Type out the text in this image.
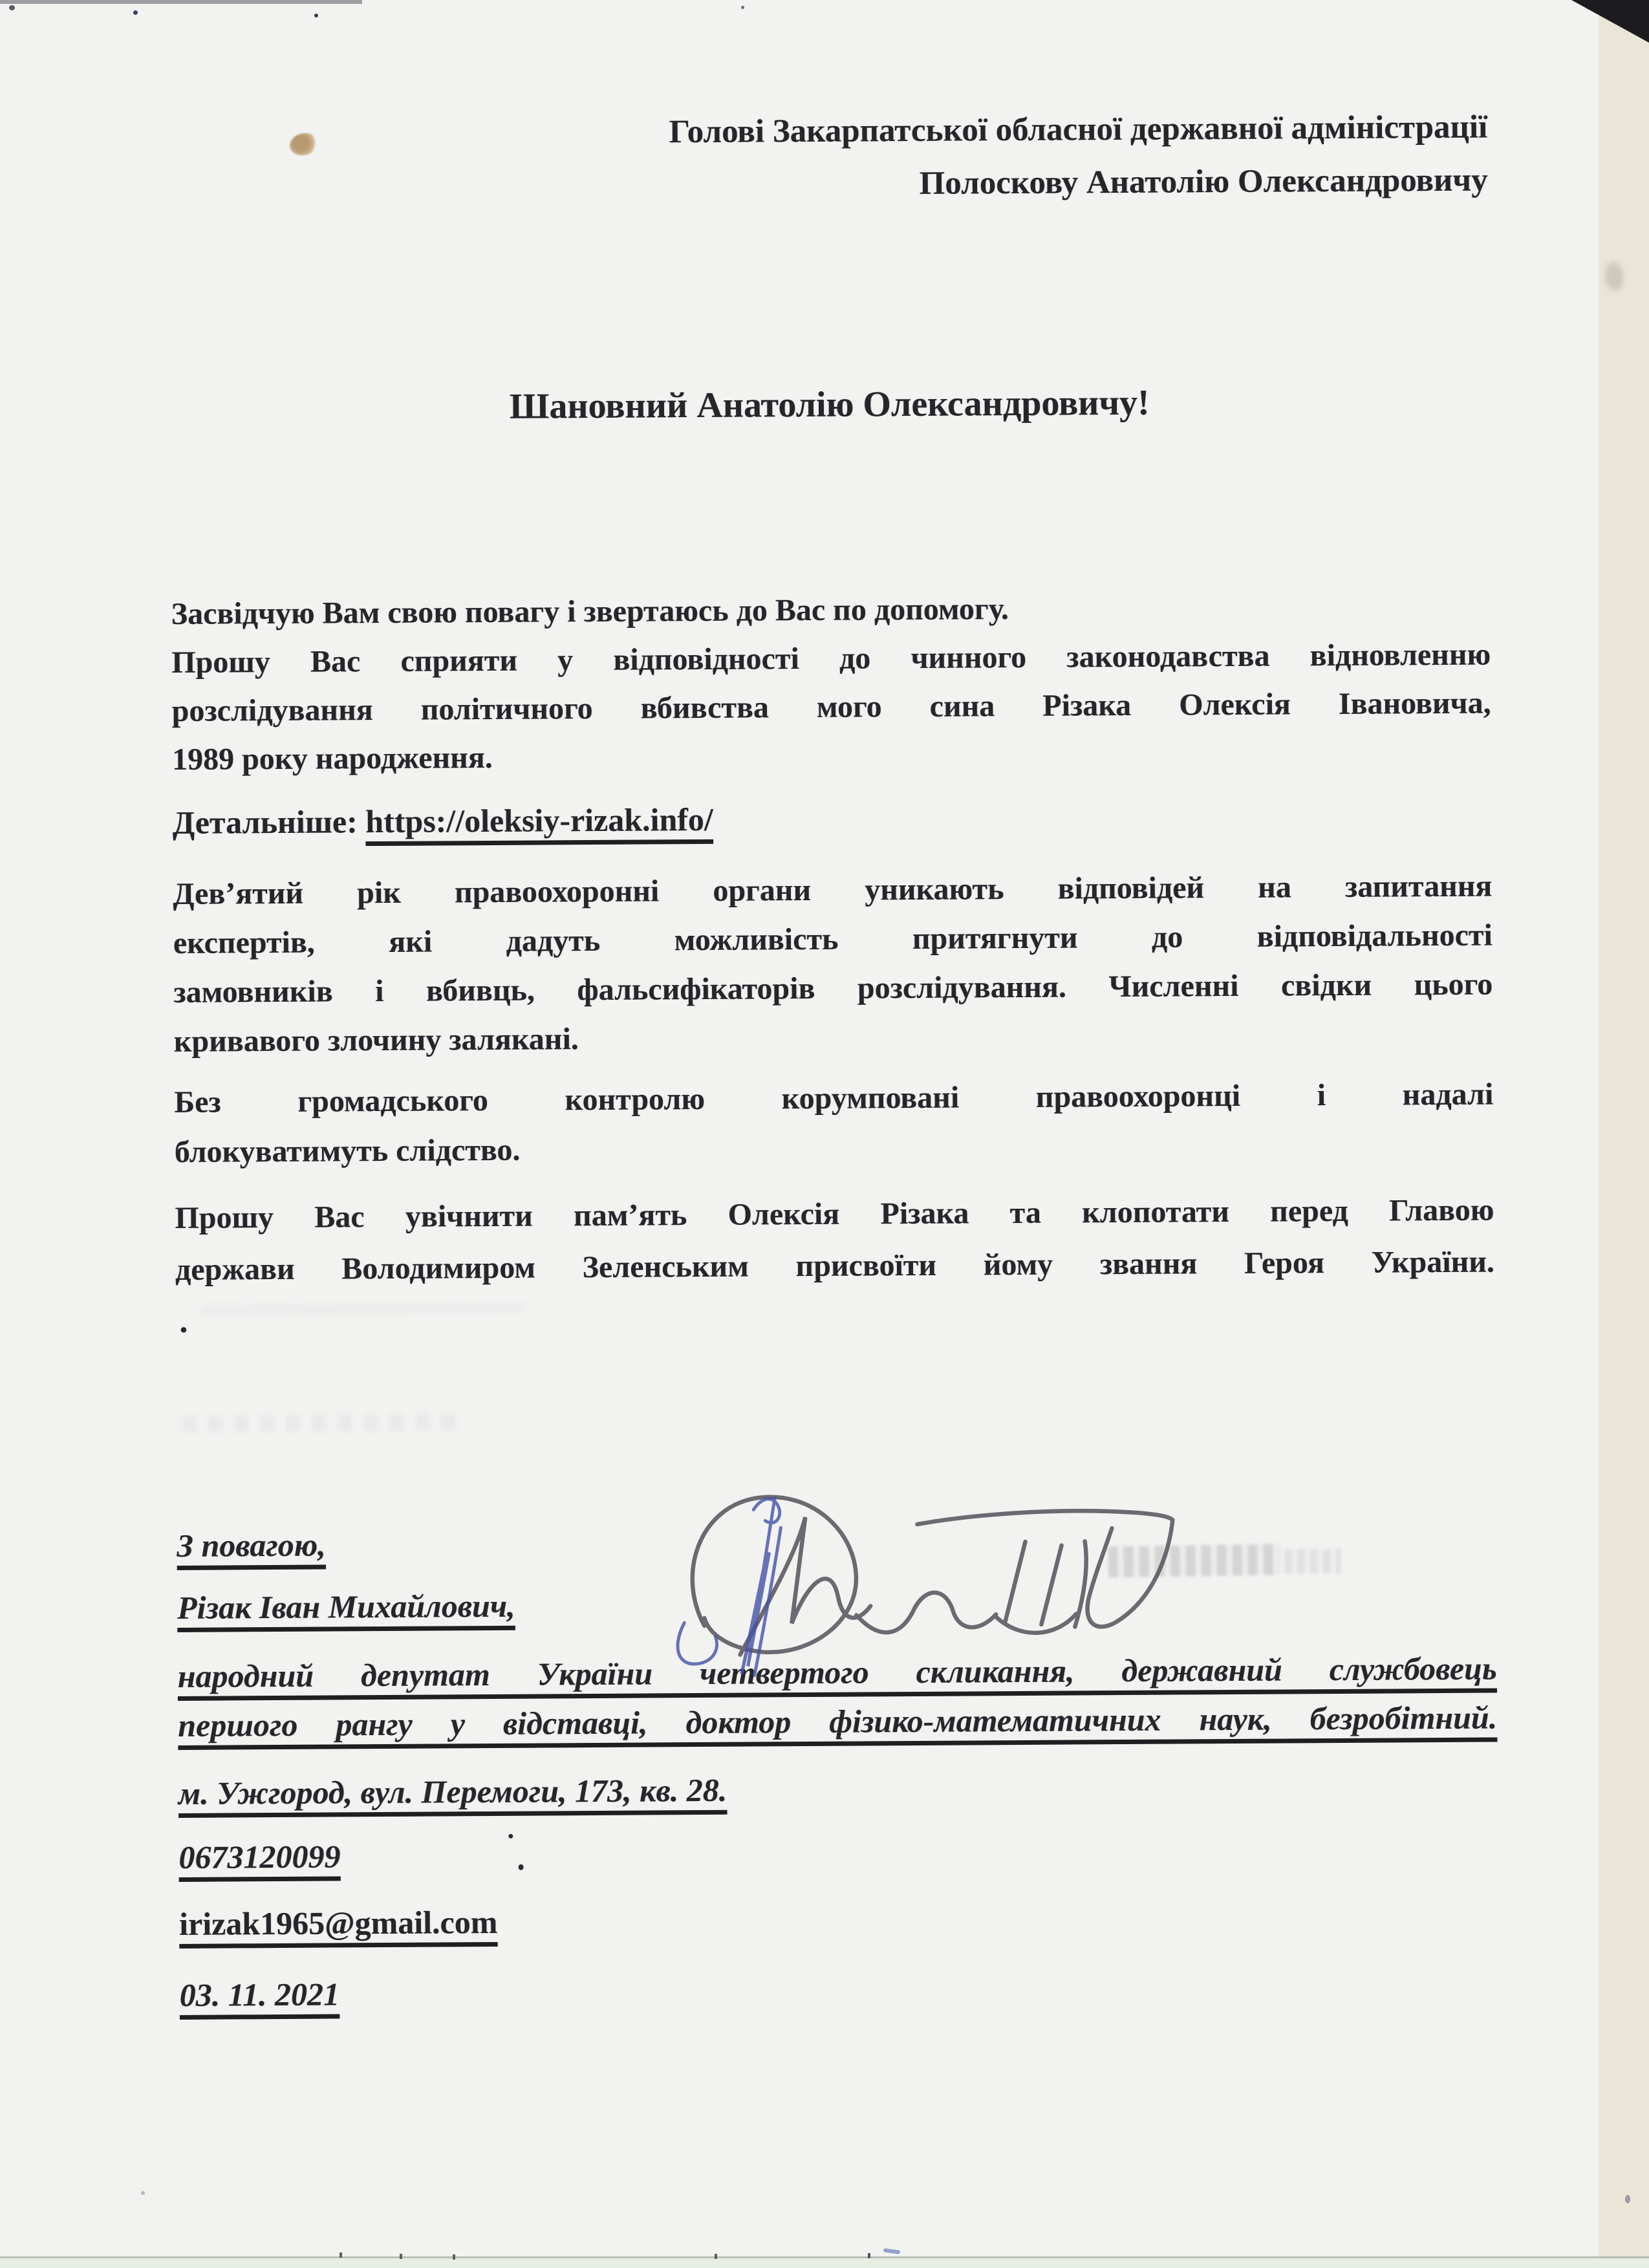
Голові Закарпатської обласної державної адміністрації
Полоскову Анатолію Олександровичу
Шановний Анатолію Олександровичу!
Засвідчую Вам свою повагу і звертаюсь до Вас по допомогу.
Прошу Вас сприяти у відповідності до чинного законодавства відновленню
розслідування політичного вбивства мого сина Різака Олексія Івановича,
1989 року народження.
Детальніше: https://oleksiy-rizak.info/
Дев’ятий рік правоохоронні органи уникають відповідей на запитання
експертів, які дадуть можливість притягнути до відповідальності
замовників і вбивць, фальсифікаторів розслідування. Численні свідки цього
кривавого злочину залякані.
Без громадського контролю корумповані правоохоронці і надалі
блокуватимуть слідство.
Прошу Вас увічнити пам’ять Олексія Різака та клопотати перед Главою
держави Володимиром Зеленським присвоїти йому звання Героя України.
.
З повагою,
Різак Іван Михайлович,
народний депутат України четвертого скликання, державний службовець
першого рангу у відставці, доктор фізико-математичних наук, безробітний.
м. Ужгород, вул. Перемоги, 173, кв. 28.
0673120099
irizak1965@gmail.com
03. 11. 2021
